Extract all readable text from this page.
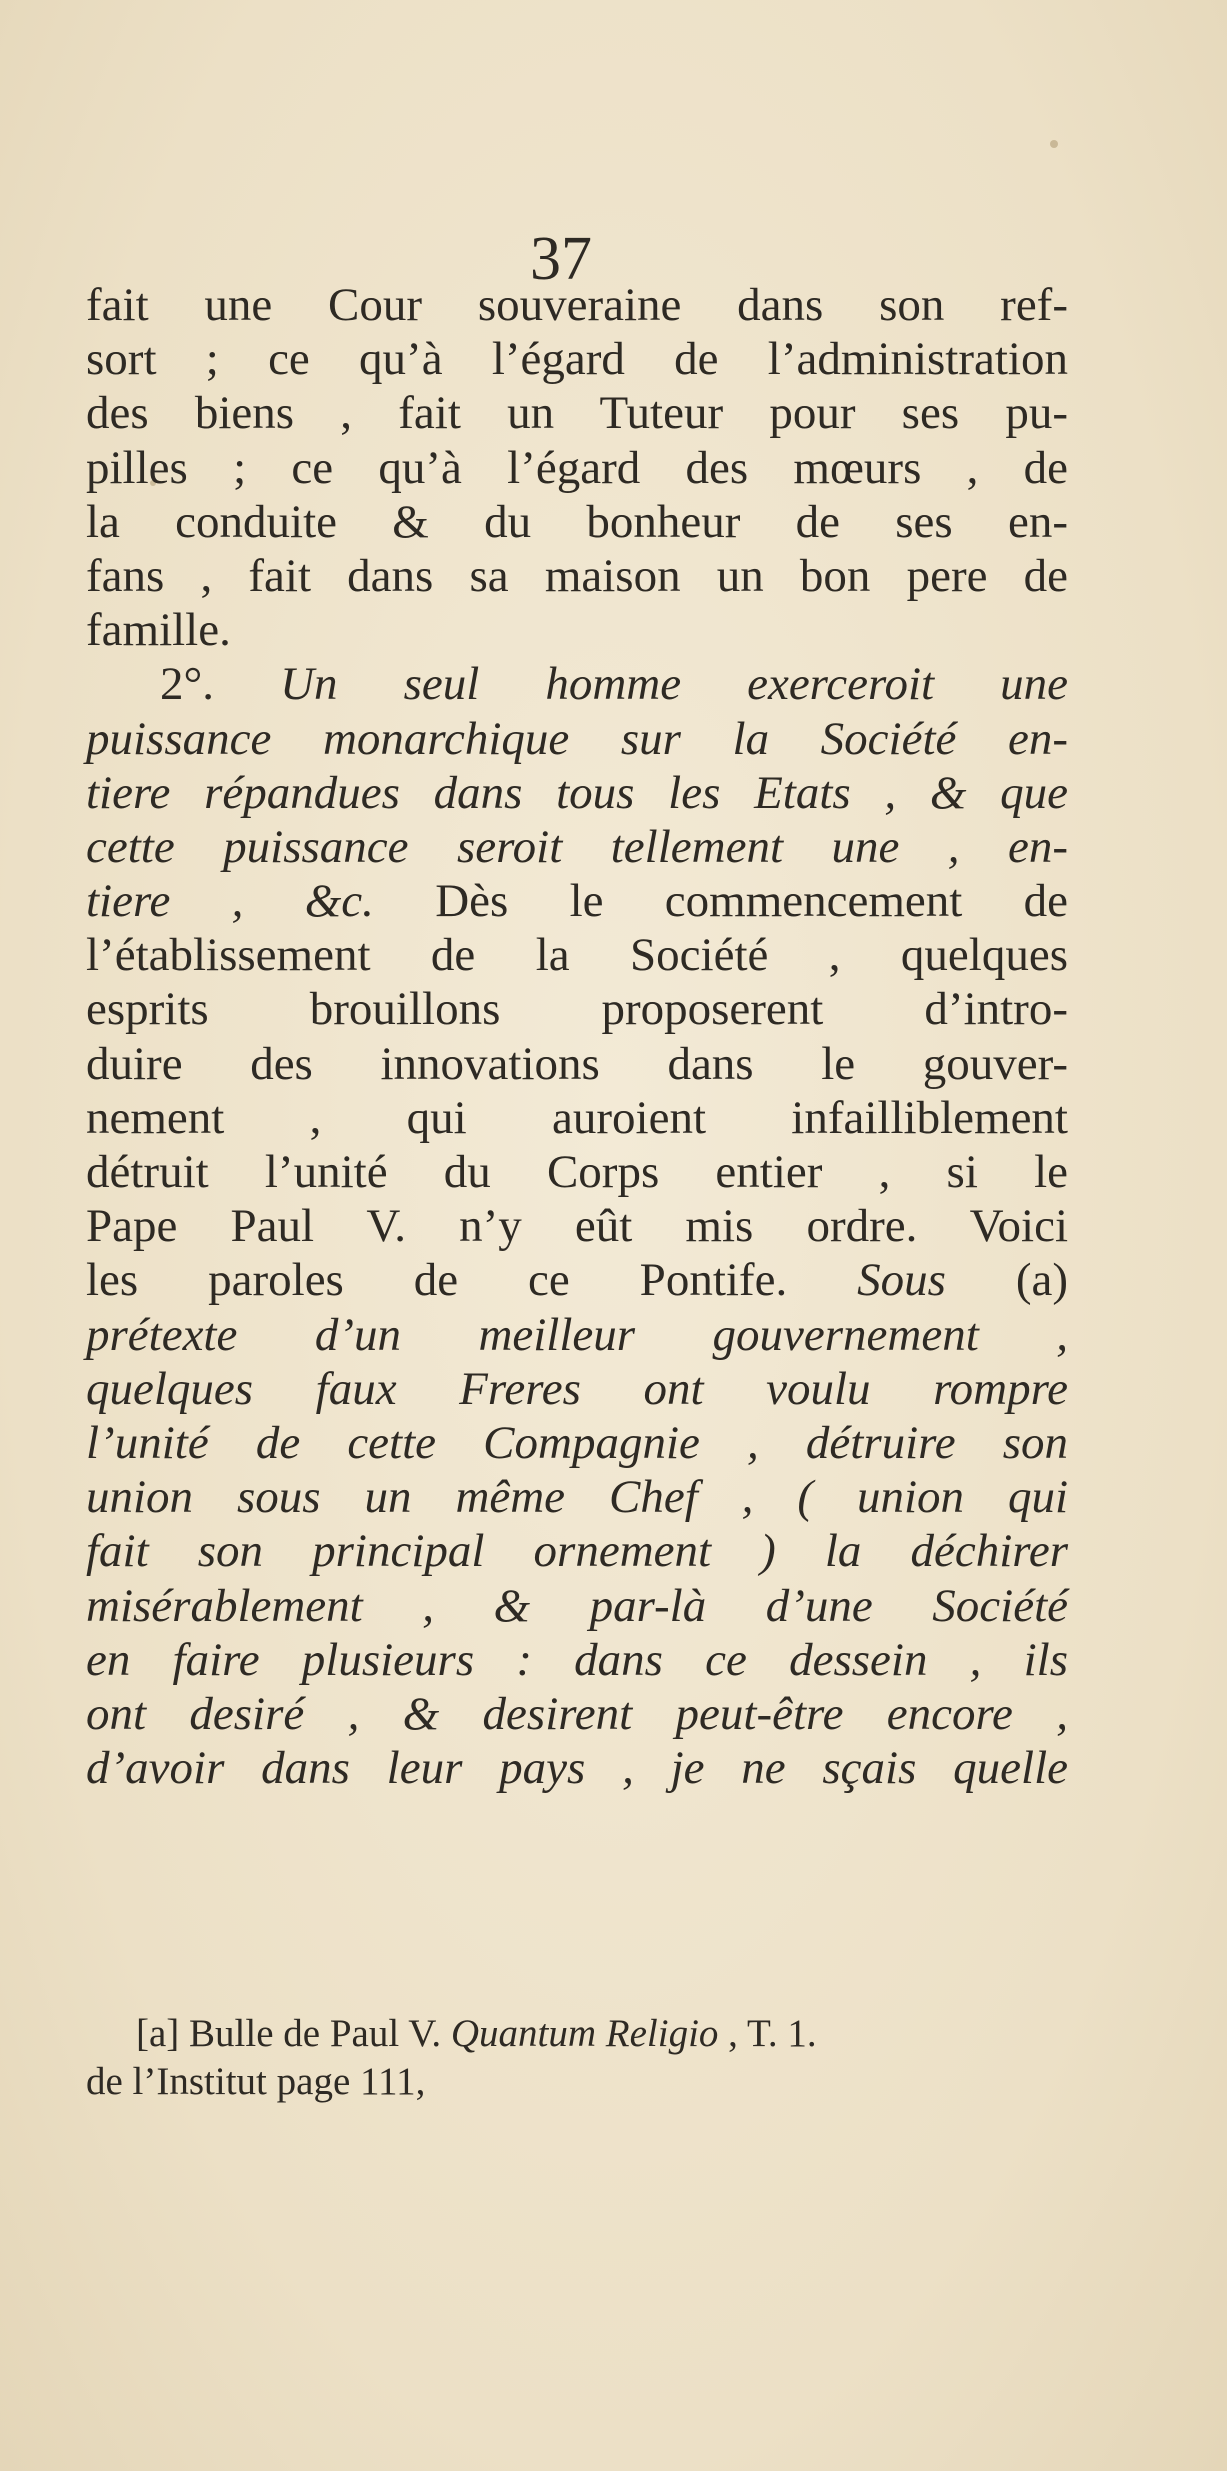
37
fait une Cour souveraine dans son ref-
sort ; ce qu’à l’égard de l’administration
des biens , fait un Tuteur pour ses pu-
pilles ; ce qu’à l’égard des mœurs , de
la conduite & du bonheur de ses en-
fans , fait dans sa maison un bon pere de
famille.
2°. Un seul homme exerceroit une
puissance monarchique sur la Société en-
tiere répandues dans tous les Etats , & que
cette puissance seroit tellement une , en-
tiere , &c. Dès le commencement de
l’établissement de la Société , quelques
esprits brouillons proposerent d’intro-
duire des innovations dans le gouver-
nement , qui auroient infailliblement
détruit l’unité du Corps entier , si le
Pape Paul V. n’y eût mis ordre. Voici
les paroles de ce Pontife. Sous (a)
prétexte d’un meilleur gouvernement ,
quelques faux Freres ont voulu rompre
l’unité de cette Compagnie , détruire son
union sous un même Chef , ( union qui
fait son principal ornement ) la déchirer
misérablement , & par-là d’une Société
en faire plusieurs : dans ce dessein , ils
ont desiré , & desirent peut-être encore ,
d’avoir dans leur pays , je ne sçais quelle
[a] Bulle de Paul V. Quantum Religio , T. 1.
de l’Institut page 111,
